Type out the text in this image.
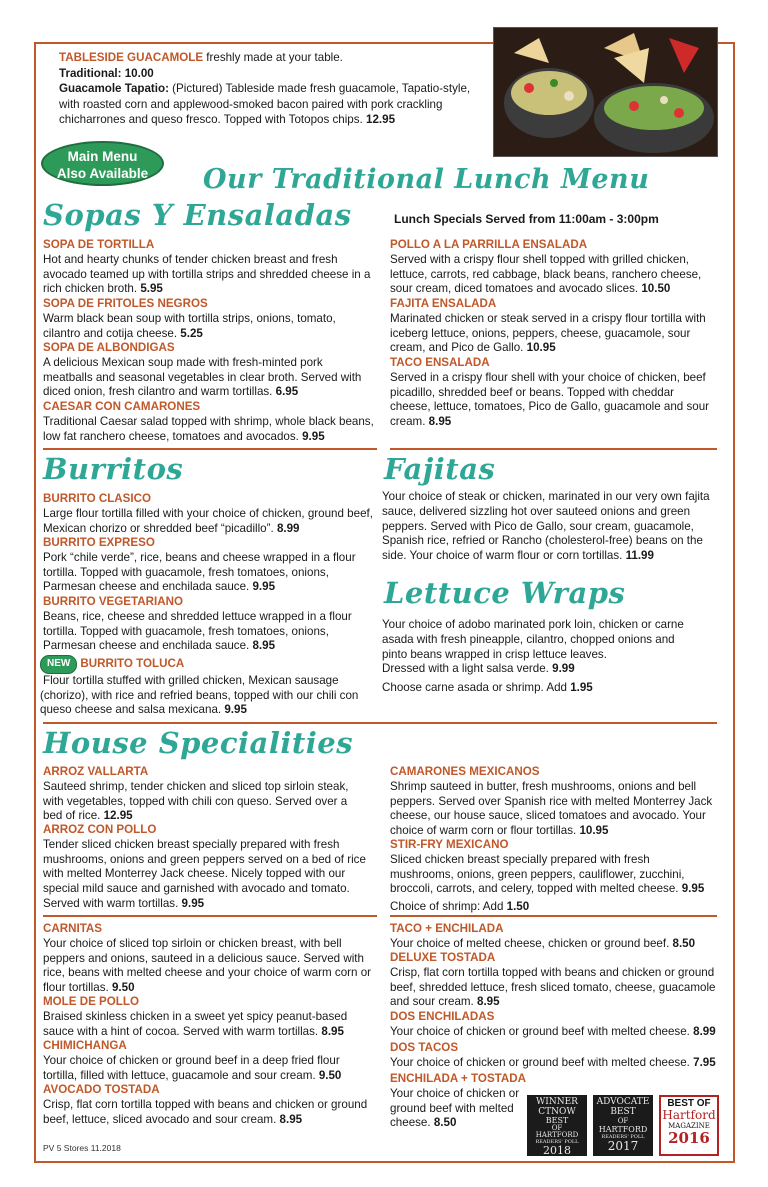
TABLESIDE GUACAMOLE freshly made at your table.
Traditional: 10.00
Guacamole Tapatio: (Pictured) Tableside made fresh guacamole, Tapatio-style, with roasted corn and applewood-smoked bacon paired with pork crackling chicharrones and queso fresco. Topped with Totopos chips. 12.95
Main Menu
Also Available	Our Traditional Lunch Menu
Lunch Specials Served from 11:00am - 3:00pm
Sopas Y Ensaladas
SOPA DE TORTILLA
Hot and hearty chunks of tender chicken breast and fresh avocado teamed up with tortilla strips and shredded cheese in a rich chicken broth. 5.95
SOPA DE FRITOLES NEGROS
Warm black bean soup with tortilla strips, onions, tomato, cilantro and cotija cheese. 5.25
SOPA DE ALBONDIGAS
A delicious Mexican soup made with fresh-minted pork meatballs and seasonal vegetables in clear broth. Served with diced onion, fresh cilantro and warm tortillas. 6.95
CAESAR CON CAMARONES
Traditional Caesar salad topped with shrimp, whole black beans, low fat ranchero cheese, tomatoes and avocados. 9.95
POLLO A LA PARRILLA ENSALADA
Served with a crispy flour shell topped with grilled chicken, lettuce, carrots, red cabbage, black beans, ranchero cheese, sour cream, diced tomatoes and avocado slices. 10.50
FAJITA ENSALADA
Marinated chicken or steak served in a crispy flour tortilla with iceberg lettuce, onions, peppers, cheese, guacamole, sour cream, and Pico de Gallo. 10.95
TACO ENSALADA
Served in a crispy flour shell with your choice of chicken, beef picadillo, shredded beef or beans. Topped with cheddar cheese, lettuce, tomatoes, Pico de Gallo, guacamole and sour cream. 8.95
Burritos
BURRITO CLASICO
Large flour tortilla filled with your choice of chicken, ground beef, Mexican chorizo or shredded beef “picadillo”. 8.99
BURRITO EXPRESO
Pork “chile verde”, rice, beans and cheese wrapped in a flour tortilla. Topped with guacamole, fresh tomatoes, onions, Parmesan cheese and enchilada sauce. 9.95
BURRITO VEGETARIANO
Beans, rice, cheese and shredded lettuce wrapped in a flour tortilla. Topped with guacamole, fresh tomatoes, onions, Parmesan cheese and enchilada sauce. 8.95
NEW BURRITO TOLUCA
Flour tortilla stuffed with grilled chicken, Mexican sausage (chorizo), with rice and refried beans, topped with our chili con queso cheese and salsa mexicana. 9.95
Fajitas
Your choice of steak or chicken, marinated in our very own fajita sauce, delivered sizzling hot over sauteed onions and green peppers. Served with Pico de Gallo, sour cream, guacamole, Spanish rice, refried or Rancho (cholesterol-free) beans on the side. Your choice of warm flour or corn tortillas. 11.99
Lettuce Wraps
Your choice of adobo marinated pork loin, chicken or carne asada with fresh pineapple, cilantro, chopped onions and pinto beans wrapped in crisp lettuce leaves.
Dressed with a light salsa verde. 9.99
Choose carne asada or shrimp. Add 1.95
House Specialities
ARROZ VALLARTA
Sauteed shrimp, tender chicken and sliced top sirloin steak, with vegetables, topped with chili con queso. Served over a bed of rice. 12.95
ARROZ CON POLLO
Tender sliced chicken breast specially prepared with fresh mushrooms, onions and green peppers served on a bed of rice with melted Monterrey Jack cheese. Nicely topped with our special mild sauce and garnished with avocado and tomato. Served with warm tortillas. 9.95
CAMARONES MEXICANOS
Shrimp sauteed in butter, fresh mushrooms, onions and bell peppers. Served over Spanish rice with melted Monterrey Jack cheese, our house sauce, sliced tomatoes and avocado. Your choice of warm corn or flour tortillas. 10.95
STIR-FRY MEXICANO
Sliced chicken breast specially prepared with fresh mushrooms, onions, green peppers, cauliflower, zucchini, broccoli, carrots, and celery, topped with melted cheese. 9.95
Choice of shrimp: Add 1.50
CARNITAS
Your choice of sliced top sirloin or chicken breast, with bell peppers and onions, sauteed in a delicious sauce. Served with rice, beans with melted cheese and your choice of warm corn or flour tortillas. 9.50
MOLE DE POLLO
Braised skinless chicken in a sweet yet spicy peanut-based sauce with a hint of cocoa. Served with warm tortillas. 8.95
CHIMICHANGA
Your choice of chicken or ground beef in a deep fried flour tortilla, filled with lettuce, guacamole and sour cream. 9.50
AVOCADO TOSTADA
Crisp, flat corn tortilla topped with beans and chicken or ground beef, lettuce, sliced avocado and sour cream. 8.95
TACO + ENCHILADA
Your choice of melted cheese, chicken or ground beef. 8.50
DELUXE TOSTADA
Crisp, flat corn tortilla topped with beans and chicken or ground beef, shredded lettuce, fresh sliced tomato, cheese, guacamole and sour cream. 8.95
DOS ENCHILADAS
Your choice of chicken or ground beef with melted cheese. 8.99
DOS TACOS
Your choice of chicken or ground beef with melted cheese. 7.95
ENCHILADA + TOSTADA
Your choice of chicken or ground beef with melted cheese. 8.50
WINNER
CTNOW
BEST
OF
HARTFORD
READERS' POLL
2018
ADVOCATE
BEST
OF
HARTFORD
READERS' POLL
2017
BEST OF
Hartford
MAGAZINE
2016
PV 5 Stores 11.2018
